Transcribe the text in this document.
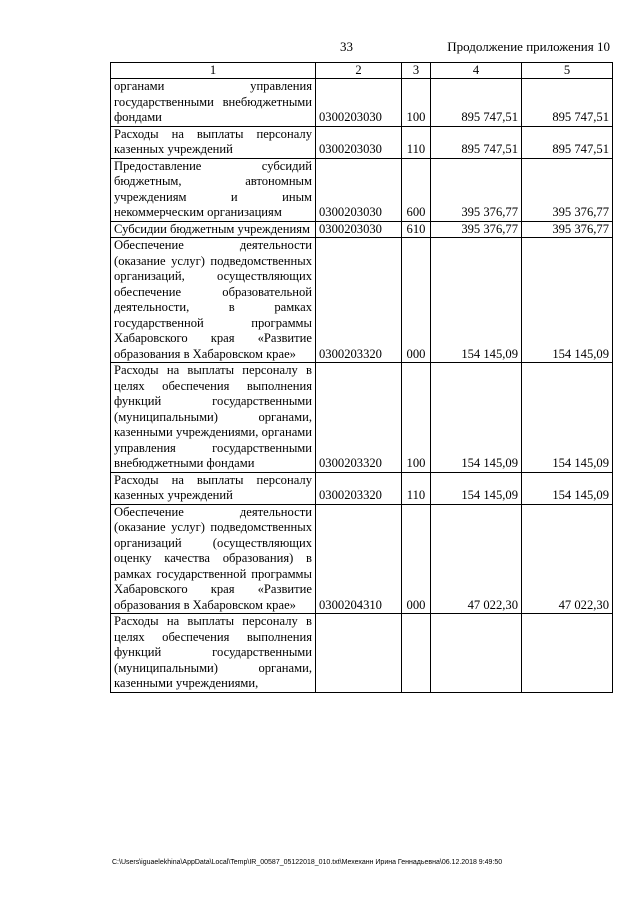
33	Продолжение приложения 10
1	2	3	4	5
органами управления государственными внебюджетными фондами	0300203030	100	895 747,51	895 747,51
Расходы на выплаты персоналу казенных учреждений	0300203030	110	895 747,51	895 747,51
Предоставление субсидий бюджетным, автономным учреждениям и иным некоммерческим организациям	0300203030	600	395 376,77	395 376,77
Субсидии бюджетным учреждениям	0300203030	610	395 376,77	395 376,77
Обеспечение деятельности (оказание услуг) подведомственных организаций, осуществляющих обеспечение образовательной деятельности, в рамках государственной программы Хабаровского края «Развитие образования в Хабаровском крае»	0300203320	000	154 145,09	154 145,09
Расходы на выплаты персоналу в целях обеспечения выполнения функций государственными (муниципальными) органами, казенными учреждениями, органами управления государственными внебюджетными фондами	0300203320	100	154 145,09	154 145,09
Расходы на выплаты персоналу казенных учреждений	0300203320	110	154 145,09	154 145,09
Обеспечение деятельности (оказание услуг) подведомственных организаций (осуществляющих оценку качества образования) в рамках государственной программы Хабаровского края «Развитие образования в Хабаровском крае»	0300204310	000	47 022,30	47 022,30
Расходы на выплаты персоналу в целях обеспечения выполнения функций государственными (муниципальными) органами, казенными учреждениями,				
C:\Users\iguaelekhina\AppData\Local\Temp\IR_00587_05122018_010.txt\Мехеханн Ирина Геннадьевна\06.12.2018 9:49:50
